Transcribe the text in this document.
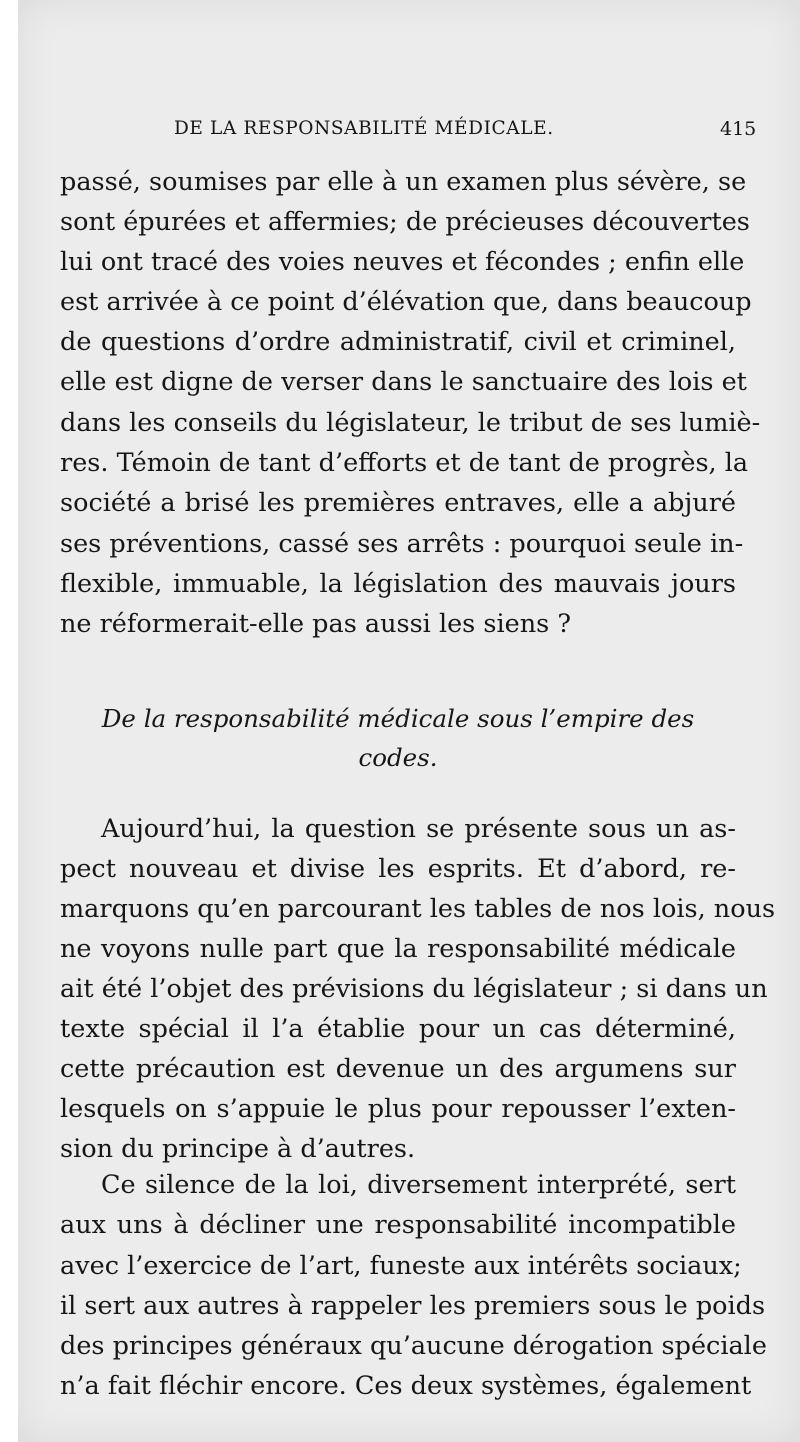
DE LA RESPONSABILITÉ MÉDICALE.	415
passé, soumises par elle à un examen plus sévère, se
sont épurées et affermies; de précieuses découvertes
lui ont tracé des voies neuves et fécondes ; enfin elle
est arrivée à ce point d’élévation que, dans beaucoup
de questions d’ordre administratif, civil et criminel,
elle est digne de verser dans le sanctuaire des lois et
dans les conseils du législateur, le tribut de ses lumiè-
res. Témoin de tant d’efforts et de tant de progrès, la
société a brisé les premières entraves, elle a abjuré
ses préventions, cassé ses arrêts : pourquoi seule in-
flexible, immuable, la législation des mauvais jours
ne réformerait-elle pas aussi les siens ?
De la responsabilité médicale sous l’empire des
codes.
Aujourd’hui, la question se présente sous un as-
pect nouveau et divise les esprits. Et d’abord, re-
marquons qu’en parcourant les tables de nos lois, nous
ne voyons nulle part que la responsabilité médicale
ait été l’objet des prévisions du législateur ; si dans un
texte spécial il l’a établie pour un cas déterminé,
cette précaution est devenue un des argumens sur
lesquels on s’appuie le plus pour repousser l’exten-
sion du principe à d’autres.
Ce silence de la loi, diversement interprété, sert
aux uns à décliner une responsabilité incompatible
avec l’exercice de l’art, funeste aux intérêts sociaux;
il sert aux autres à rappeler les premiers sous le poids
des principes généraux qu’aucune dérogation spéciale
n’a fait fléchir encore. Ces deux systèmes, également
